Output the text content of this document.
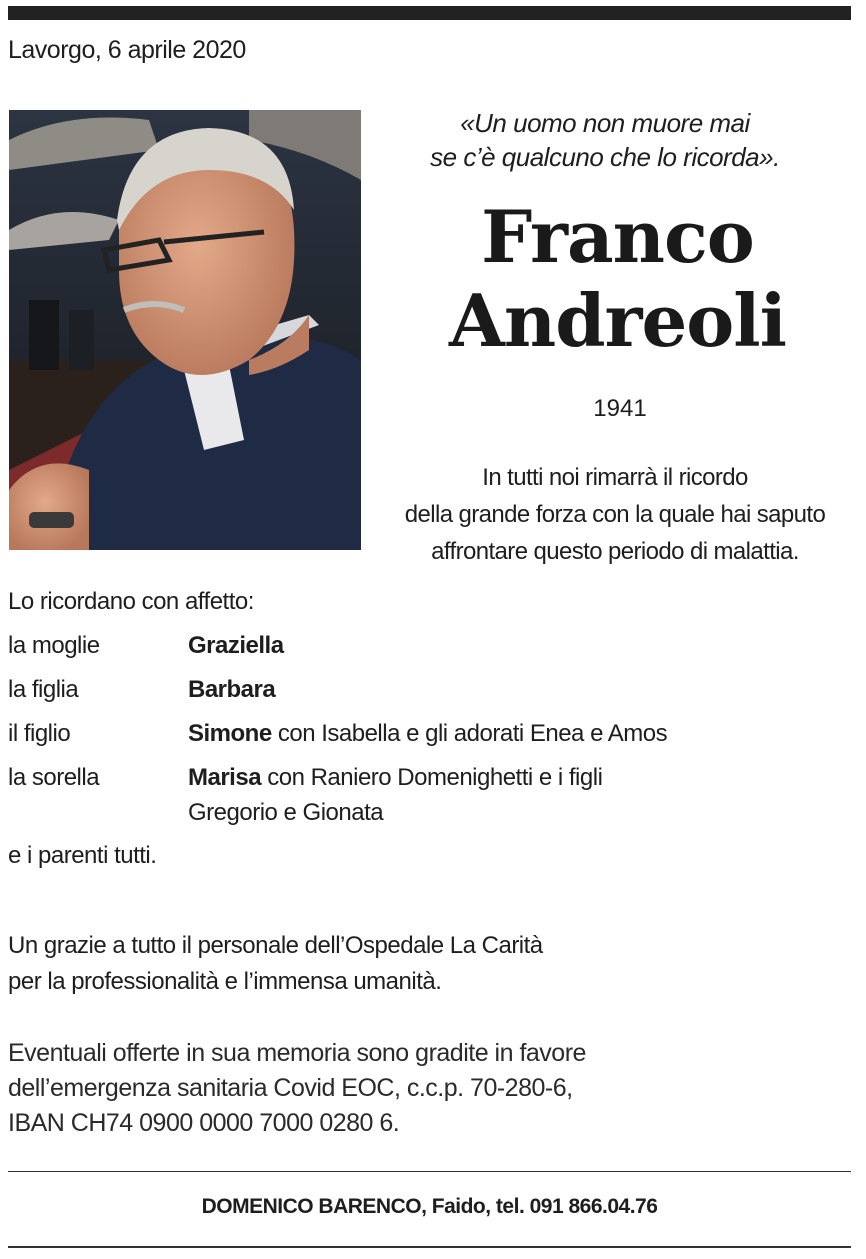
Lavorgo, 6 aprile 2020
«Un uomo non muore mai
se c’è qualcuno che lo ricorda».
Franco
Andreoli
1941
In tutti noi rimarrà il ricordo
della grande forza con la quale hai saputo
affrontare questo periodo di malattia.
Lo ricordano con affetto:
la moglie	Graziella
la figlia	Barbara
il figlio	Simone con Isabella e gli adorati Enea e Amos
la sorella	Marisa con Raniero Domenighetti e i figli
Gregorio e Gionata
e i parenti tutti.
Un grazie a tutto il personale dell’Ospedale La Carità
per la professionalità e l’immensa umanità.
Eventuali offerte in sua memoria sono gradite in favore
dell’emergenza sanitaria Covid EOC, c.c.p. 70-280-6,
IBAN CH74 0900 0000 7000 0280 6.
DOMENICO BARENCO, Faido, tel. 091 866.04.76
